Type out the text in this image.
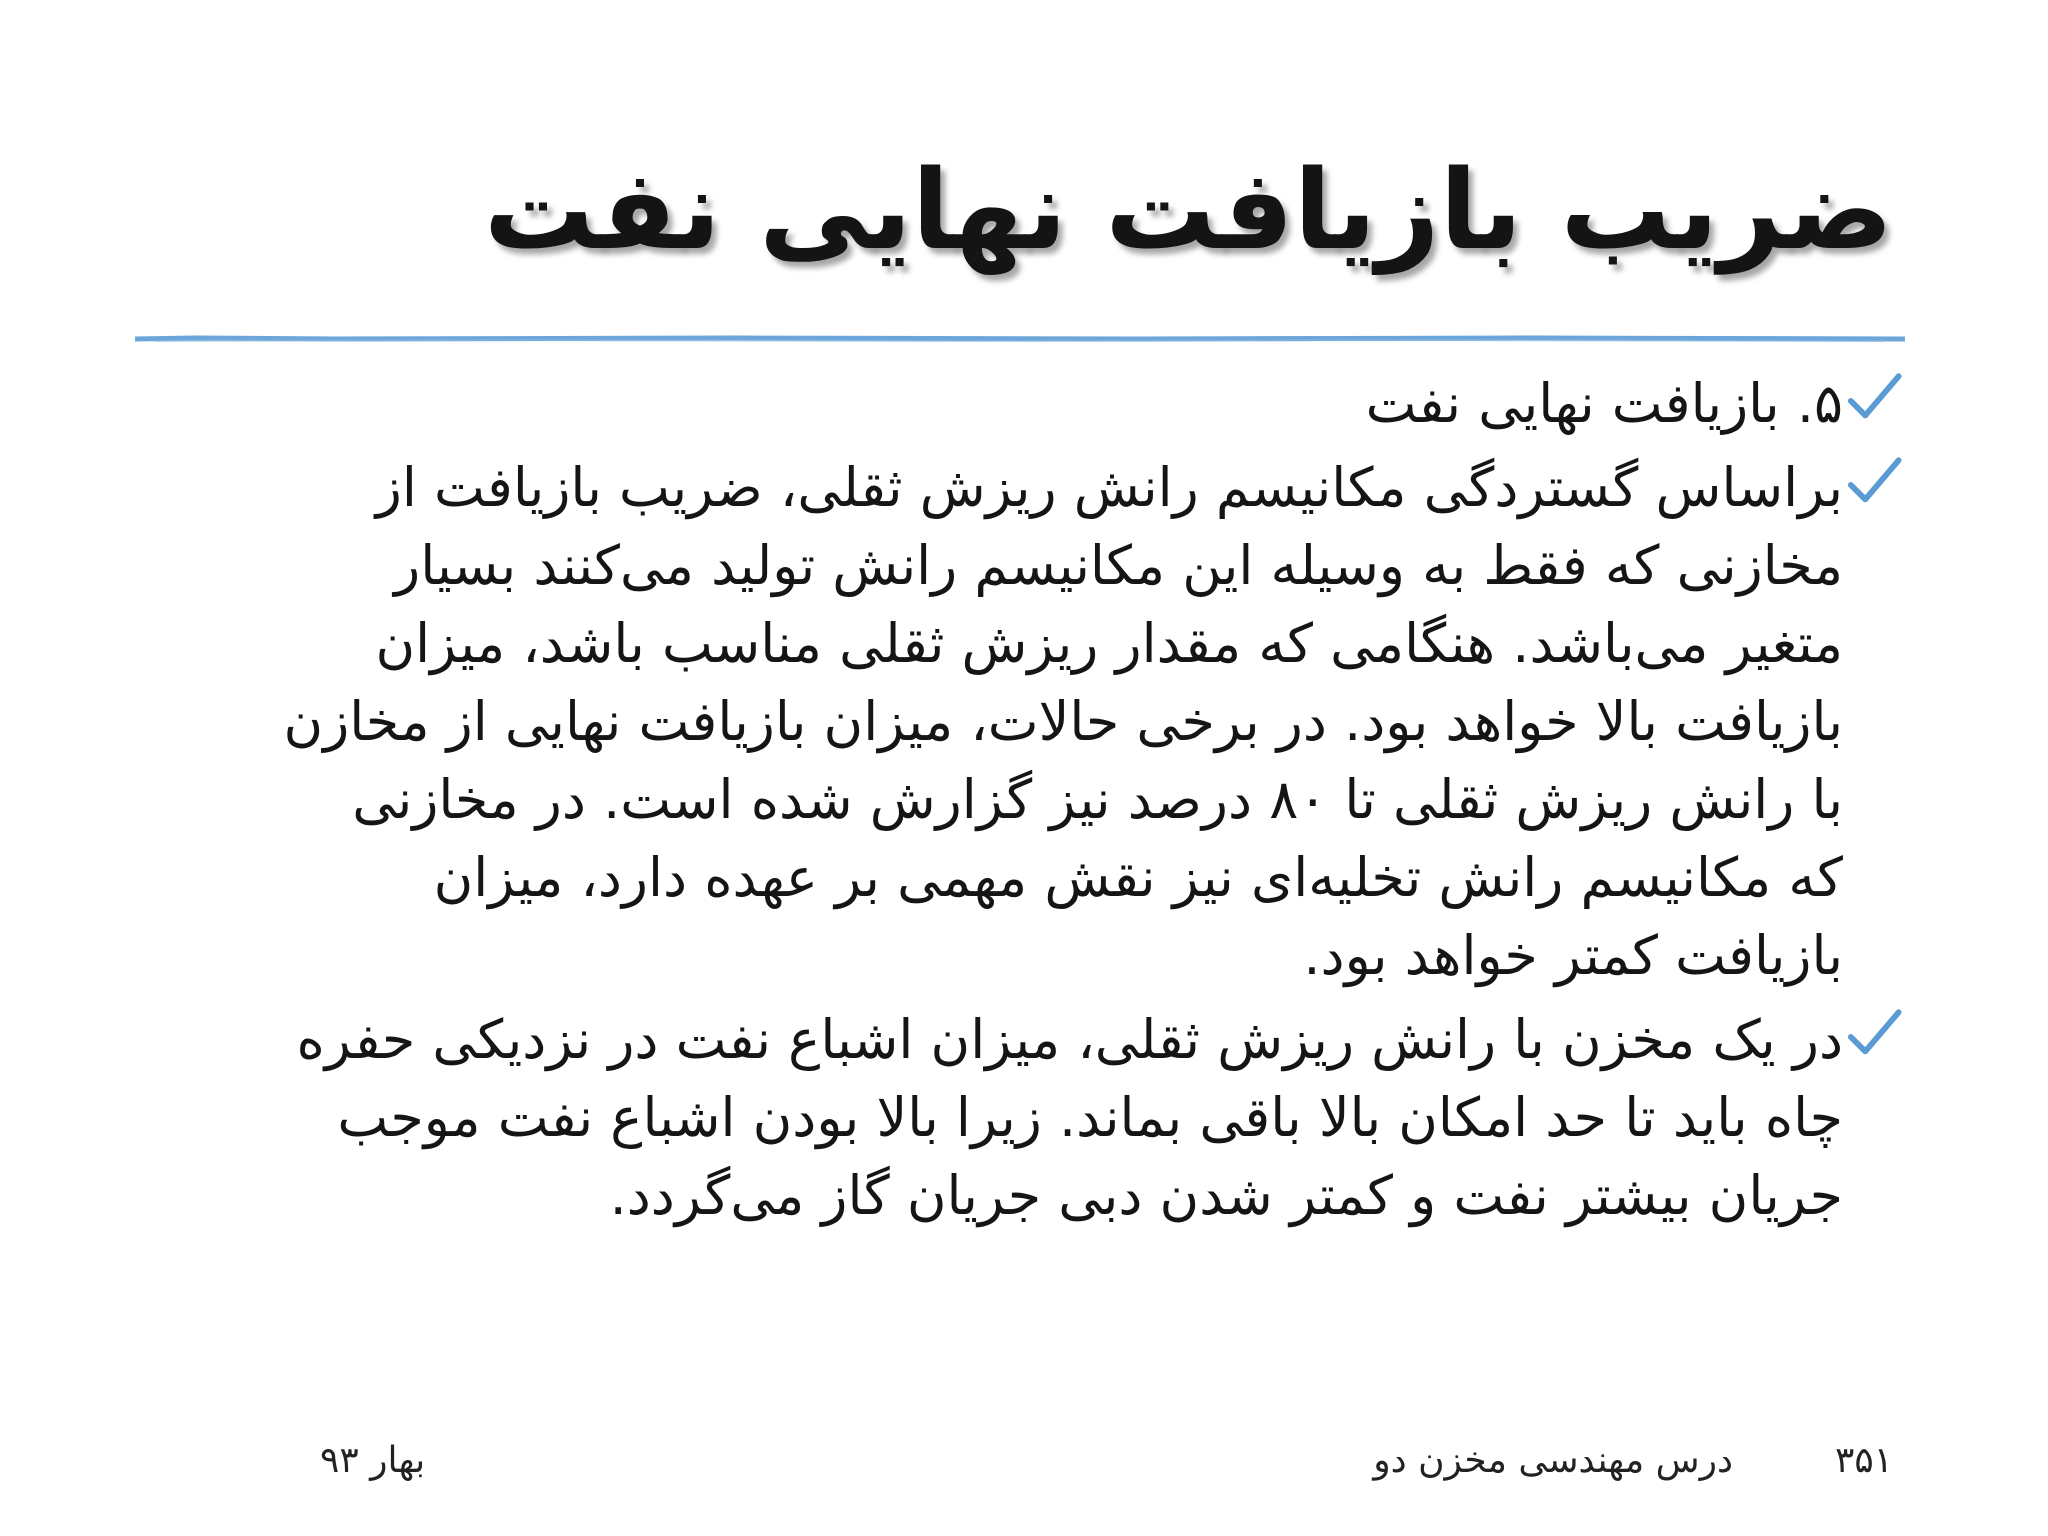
ضریب بازیافت نهایی نفت
۵. بازیافت نهایی نفت
براساس گستردگی مکانیسم رانش ریزش ثقلی، ضریب بازیافت از مخازنی که فقط به وسیله این مکانیسم رانش تولید می‌کنند بسیار متغیر می‌باشد. هنگامی که مقدار ریزش ثقلی مناسب باشد، میزان بازیافت بالا خواهد بود. در برخی حالات، میزان بازیافت نهایی از مخازن با رانش ریزش ثقلی تا ۸۰ درصد نیز گزارش شده است. در مخازنی که مکانیسم رانش تخلیه‌ای نیز نقش مهمی بر عهده دارد، میزان بازیافت کمتر خواهد بود.
در یک مخزن با رانش ریزش ثقلی، میزان اشباع نفت در نزدیکی حفره چاه باید تا حد امکان بالا باقی بماند. زیرا بالا بودن اشباع نفت موجب جریان بیشتر نفت و کمتر شدن دبی جریان گاز می‌گردد.
۳۵۱
درس مهندسی مخزن دو
بهار ۹۳
